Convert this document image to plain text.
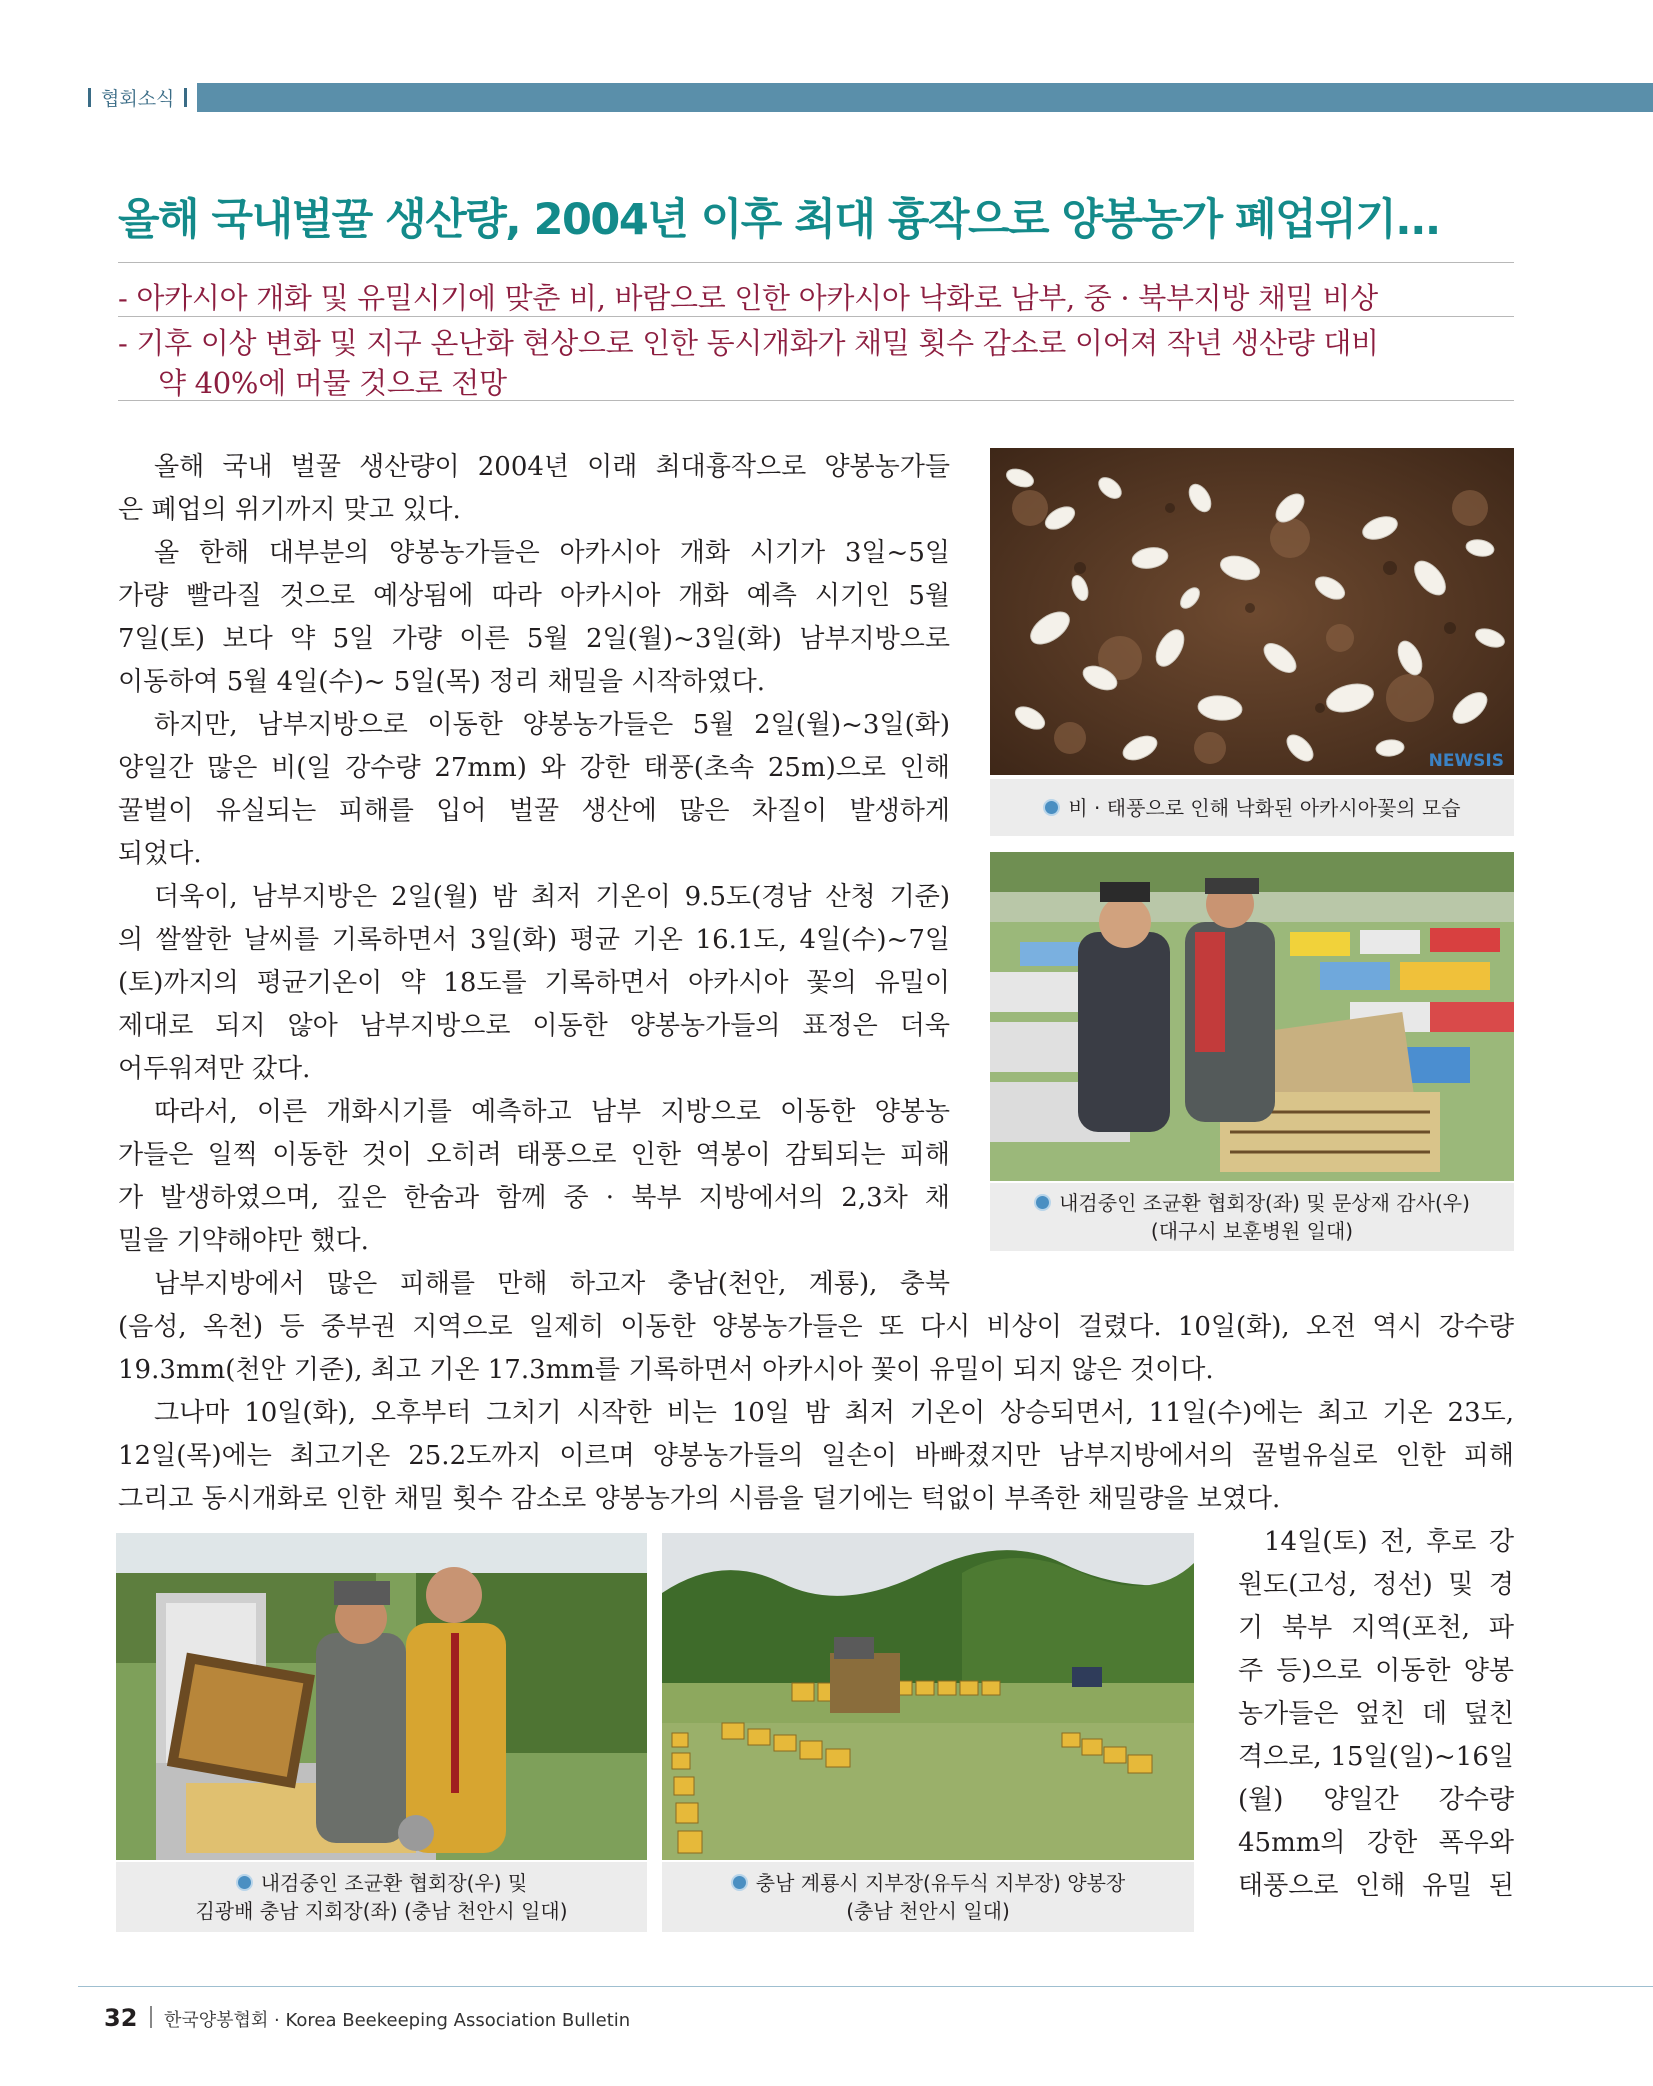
협회소식
올해 국내벌꿀 생산량, 2004년 이후 최대 흉작으로 양봉농가 폐업위기...
- 아카시아 개화 및 유밀시기에 맞춘 비, 바람으로 인한 아카시아 낙화로 남부, 중 · 북부지방 채밀 비상
- 기후 이상 변화 및 지구 온난화 현상으로 인한 동시개화가 채밀 횟수 감소로 이어져 작년 생산량 대비
약 40%에 머물 것으로 전망

올해 국내 벌꿀 생산량이 2004년 이래 최대흉작으로 양봉농가들

은 폐업의 위기까지 맞고 있다.

올 한해 대부분의 양봉농가들은 아카시아 개화 시기가 3일~5일

가량 빨라질 것으로 예상됨에 따라 아카시아 개화 예측 시기인 5월

7일(토) 보다 약 5일 가량 이른 5월 2일(월)~3일(화) 남부지방으로

이동하여 5월 4일(수)~ 5일(목) 정리 채밀을 시작하였다.

하지만, 남부지방으로 이동한 양봉농가들은 5월 2일(월)~3일(화)

양일간 많은 비(일 강수량 27mm) 와 강한 태풍(초속 25m)으로 인해

꿀벌이 유실되는 피해를 입어 벌꿀 생산에 많은 차질이 발생하게

되었다.

더욱이, 남부지방은 2일(월) 밤 최저 기온이 9.5도(경남 산청 기준)

의 쌀쌀한 날씨를 기록하면서 3일(화) 평균 기온 16.1도, 4일(수)~7일

(토)까지의 평균기온이 약 18도를 기록하면서 아카시아 꽃의 유밀이

제대로 되지 않아 남부지방으로 이동한 양봉농가들의 표정은 더욱

어두워져만 갔다.

따라서, 이른 개화시기를 예측하고 남부 지방으로 이동한 양봉농

가들은 일찍 이동한 것이 오히려 태풍으로 인한 역봉이 감퇴되는 피해

가 발생하였으며, 깊은 한숨과 함께 중 · 북부 지방에서의 2,3차 채

밀을 기약해야만 했다.

남부지방에서 많은 피해를 만해 하고자 충남(천안, 계룡), 충북

(음성, 옥천) 등 중부권 지역으로 일제히 이동한 양봉농가들은 또 다시 비상이 걸렸다. 10일(화), 오전 역시 강수량

19.3mm(천안 기준), 최고 기온 17.3mm를 기록하면서 아카시아 꽃이 유밀이 되지 않은 것이다.

그나마 10일(화), 오후부터 그치기 시작한 비는 10일 밤 최저 기온이 상승되면서, 11일(수)에는 최고 기온 23도,

12일(목)에는 최고기온 25.2도까지 이르며 양봉농가들의 일손이 바빠졌지만 남부지방에서의 꿀벌유실로 인한 피해

그리고 동시개화로 인한 채밀 횟수 감소로 양봉농가의 시름을 덜기에는 턱없이 부족한 채밀량을 보였다.

14일(토) 전, 후로 강

원도(고성, 정선) 및 경

기 북부 지역(포천, 파

주 등)으로 이동한 양봉

농가들은 엎친 데 덮친

격으로, 15일(일)~16일

(월) 양일간 강수량

45mm의 강한 폭우와

태풍으로 인해 유밀 된

NEWSIS
비 · 태풍으로 인해 낙화된 아카시아꽃의 모습
내검중인 조균환 협회장(좌) 및 문상재 감사(우)
(대구시 보훈병원 일대)
내검중인 조균환 협회장(우) 및
김광배 충남 지회장(좌) (충남 천안시 일대)
충남 계룡시 지부장(유두식 지부장) 양봉장
(충남 천안시 일대)
32 한국양봉협회 · Korea Beekeeping Association Bulletin
